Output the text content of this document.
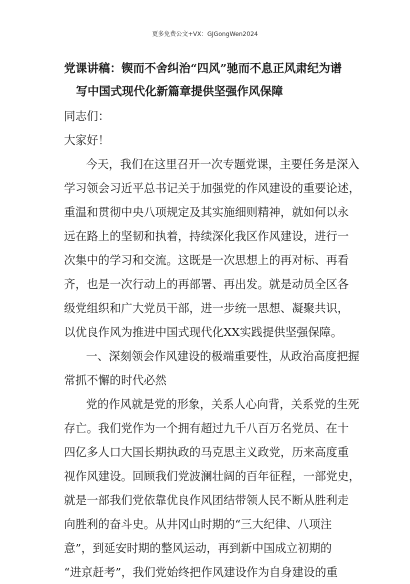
更多免费公文+VX：GJGongWen2024
党课讲稿：锲而不舍纠治“四风”驰而不息正风肃纪为谱
写中国式现代化新篇章提供坚强作风保障
同志们：
大家好！
今天，我们在这里召开一次专题党课，主要任务是深入
学习领会习近平总书记关于加强党的作风建设的重要论述，
重温和贯彻中央八项规定及其实施细则精神，就如何以永
远在路上的坚韧和执着，持续深化我区作风建设，进行一
次集中的学习和交流。这既是一次思想上的再对标、再看
齐，也是一次行动上的再部署、再出发。就是动员全区各
级党组织和广大党员干部，进一步统一思想、凝聚共识，
以优良作风为推进中国式现代化XX实践提供坚强保障。
一、深刻领会作风建设的极端重要性，从政治高度把握
常抓不懈的时代必然
党的作风就是党的形象，关系人心向背，关系党的生死
存亡。我们党作为一个拥有超过九千八百万名党员、在十
四亿多人口大国长期执政的马克思主义政党，历来高度重
视作风建设。回顾我们党波澜壮阔的百年征程，一部党史，
就是一部我们党依靠优良作风团结带领人民不断从胜利走
向胜利的奋斗史。从井冈山时期的“三大纪律、八项注
意”，到延安时期的整风运动，再到新中国成立初期的
“进京赶考”，我们党始终把作风建设作为自身建设的重
